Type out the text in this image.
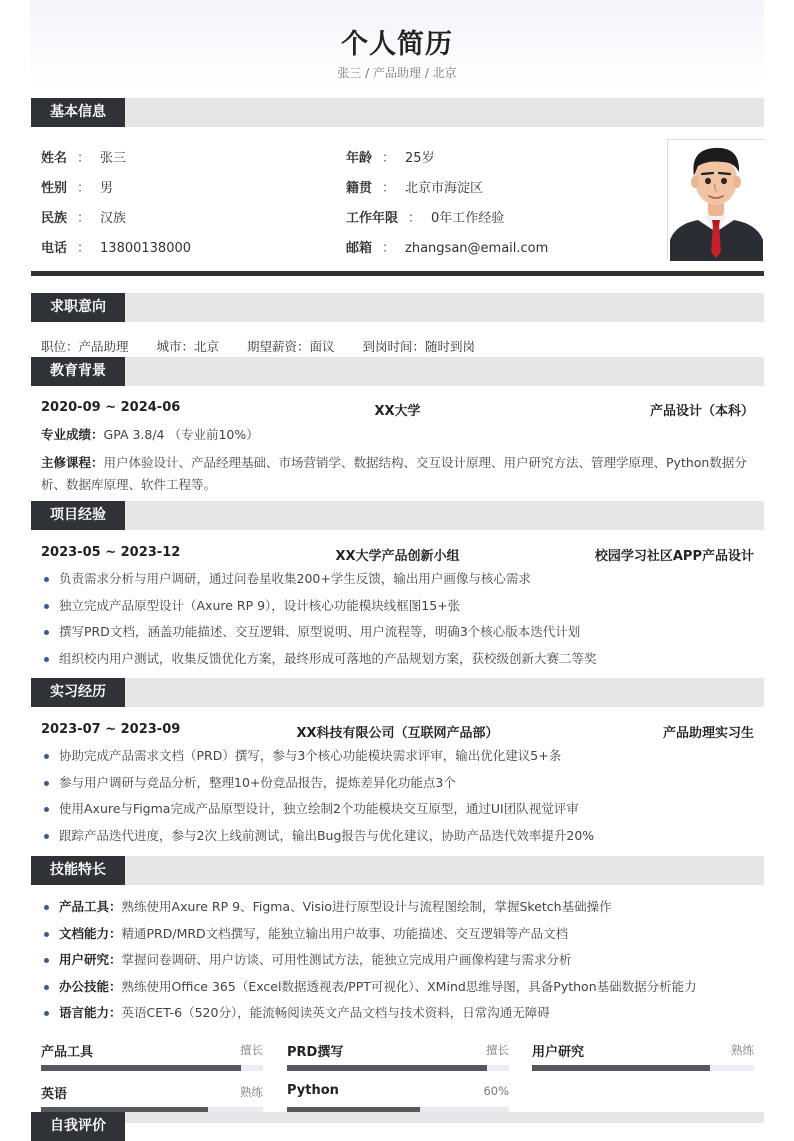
个人简历
张三 / 产品助理 / 北京
基本信息
姓名 ： 张三
性别 ： 男
民族 ： 汉族
电话 ： 13800138000
年龄 ： 25岁
籍贯 ： 北京市海淀区
工作年限 ： 0年工作经验
邮箱 ： zhangsan@email.com
求职意向
职位：产品助理 城市：北京 期望薪资：面议 到岗时间：随时到岗
教育背景
2020-09 ~ 2024-06	XX大学	产品设计（本科）
专业成绩：GPA 3.8/4 （专业前10%）
主修课程：用户体验设计、产品经理基础、市场营销学、数据结构、交互设计原理、用户研究方法、管理学原理、Python数据分析、数据库原理、软件工程等。
项目经验
2023-05 ~ 2023-12	XX大学产品创新小组	校园学习社区APP产品设计
负责需求分析与用户调研，通过问卷星收集200+学生反馈，输出用户画像与核心需求
独立完成产品原型设计（Axure RP 9），设计核心功能模块线框图15+张
撰写PRD文档，涵盖功能描述、交互逻辑、原型说明、用户流程等，明确3个核心版本迭代计划
组织校内用户测试，收集反馈优化方案，最终形成可落地的产品规划方案，获校级创新大赛二等奖
实习经历
2023-07 ~ 2023-09	XX科技有限公司（互联网产品部）	产品助理实习生
协助完成产品需求文档（PRD）撰写，参与3个核心功能模块需求评审，输出优化建议5+条
参与用户调研与竞品分析，整理10+份竞品报告，提炼差异化功能点3个
使用Axure与Figma完成产品原型设计，独立绘制2个功能模块交互原型，通过UI团队视觉评审
跟踪产品迭代进度，参与2次上线前测试，输出Bug报告与优化建议，协助产品迭代效率提升20%
技能特长
产品工具：熟练使用Axure RP 9、Figma、Visio进行原型设计与流程图绘制，掌握Sketch基础操作
文档能力：精通PRD/MRD文档撰写，能独立输出用户故事、功能描述、交互逻辑等产品文档
用户研究：掌握问卷调研、用户访谈、可用性测试方法，能独立完成用户画像构建与需求分析
办公技能：熟练使用Office 365（Excel数据透视表/PPT可视化）、XMind思维导图，具备Python基础数据分析能力
语言能力：英语CET-6（520分），能流畅阅读英文产品文档与技术资料，日常沟通无障碍
产品工具	擅长 PRD撰写	擅长 用户研究	熟练
英语	熟练 Python	60%
自我评价
